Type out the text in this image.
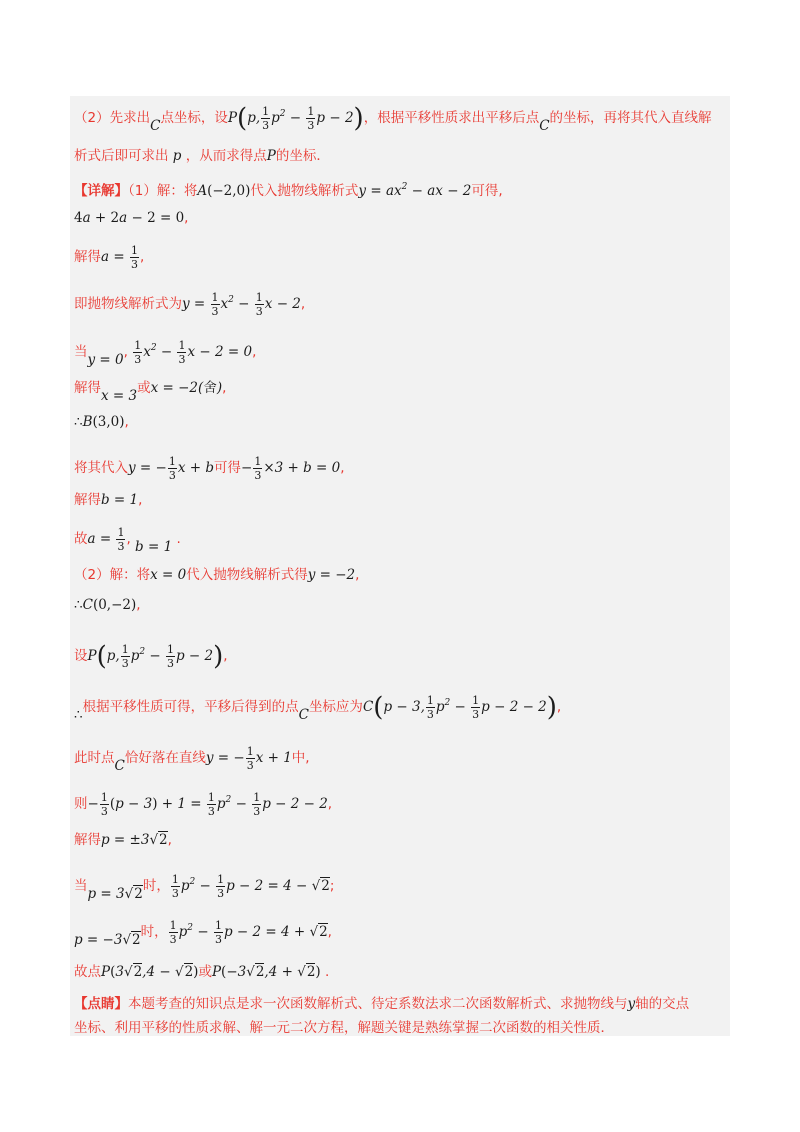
（2）先求出C点坐标，设P(p, $\frac{1}{3} p^2 - \frac{1}{3}$ p − 2)，根据平移性质求出平移后点C的坐标，再将其代入直线解
析式后即可求出 p ，从而求得点P的坐标．
【详解】（1）解：将A(−2,0)代入抛物线解析式$y = ax^2$ − ax − 2可得,
4a + 2a − 2 = 0,
解得$a = \frac{1}{3}$ ,
即抛物线解析式为$y = \frac{1}{3} x^2 - \frac{1}{3}$ x − 2,
当y = 0, $\frac{1}{3} x^2 - \frac{1}{3}$ x − 2 = 0,
解得x = 3或x = −2(舍),
∴B(3,0),
将其代入y = − $\frac{1}{3}$ x + b可得− $\frac{1}{3} \times 3 + b = 0$,
解得b = 1,
故$a = \frac{1}{3}$ , b = 1 .
（2）解：将x = 0代入抛物线解析式得y = −2,
∴C(0,−2),
设P(p, $\frac{1}{3} p^2 - \frac{1}{3}$ p − 2),
∴根据平移性质可得，平移后得到的点C坐标应为C(p − 3, $\frac{1}{3} p^2 - \frac{1}{3}$ p − 2 − 2),
此时点C恰好落在直线y = − $\frac{1}{3}$ x + 1中,
则− $\frac{1}{3} (p - 3) + 1 = \frac{1}{3} p^2 - \frac{1}{3}$ p − 2 − 2,
解得p = ±3√2,
当p = 3√2时， $\frac{1}{3} p^2 - \frac{1}{3}$ p − 2 = 4 − √2;
p = −3√2时， $\frac{1}{3} p^2 - \frac{1}{3}$ p − 2 = 4 + √2,
故点P(3√2,4 − √2)或P(−3√2,4 + √2) .
【点睛】本题考查的知识点是求一次函数解析式、待定系数法求二次函数解析式、求抛物线与y轴的交点
坐标、利用平移的性质求解、解一元二次方程，解题关键是熟练掌握二次函数的相关性质．
